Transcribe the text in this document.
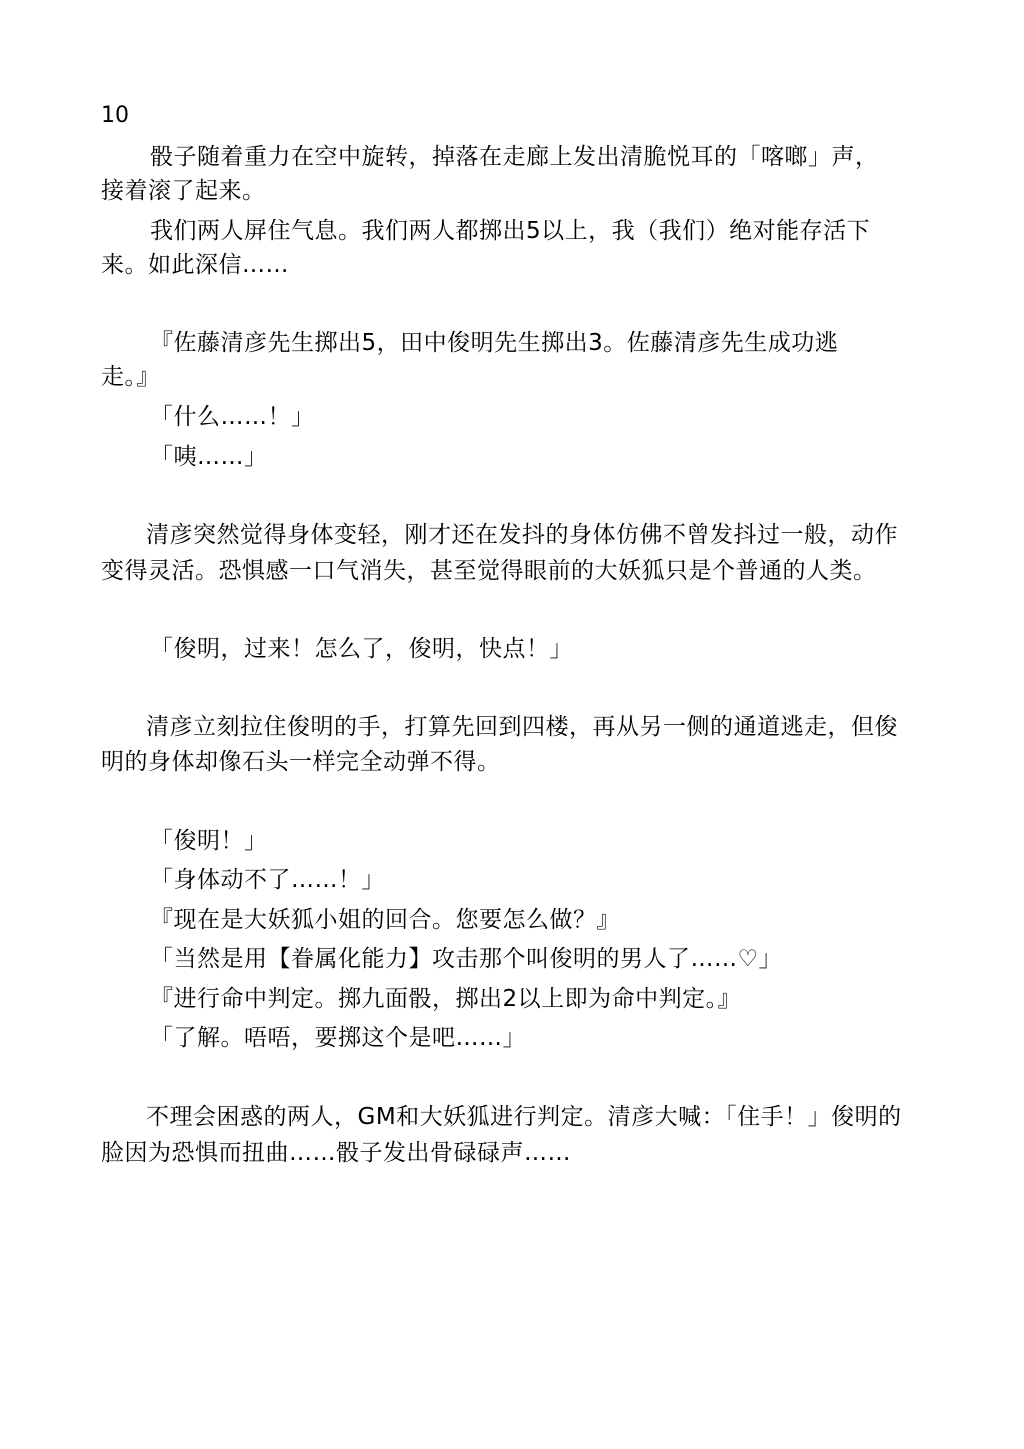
10

骰子随着重力在空中旋转，掉落在走廊上发出清脆悦耳的「喀啷」声，

接着滚了起来。

我们两人屏住气息。我们两人都掷出5以上，我（我们）绝对能存活下

来。如此深信……

『佐藤清彦先生掷出5，田中俊明先生掷出3。佐藤清彦先生成功逃

走。』

「什么……！」

「咦……」

清彦突然觉得身体变轻，刚才还在发抖的身体仿佛不曾发抖过一般，动作

变得灵活。恐惧感一口气消失，甚至觉得眼前的大妖狐只是个普通的人类。

「俊明，过来！怎么了，俊明，快点！」

清彦立刻拉住俊明的手，打算先回到四楼，再从另一侧的通道逃走，但俊

明的身体却像石头一样完全动弹不得。

「俊明！」

「身体动不了……！」

『现在是大妖狐小姐的回合。您要怎么做？』

「当然是用【眷属化能力】攻击那个叫俊明的男人了……♡」

『进行命中判定。掷九面骰，掷出2以上即为命中判定。』

「了解。唔唔，要掷这个是吧……」

不理会困惑的两人，GM和大妖狐进行判定。清彦大喊：「住手！」俊明的

脸因为恐惧而扭曲……骰子发出骨碌碌声……
